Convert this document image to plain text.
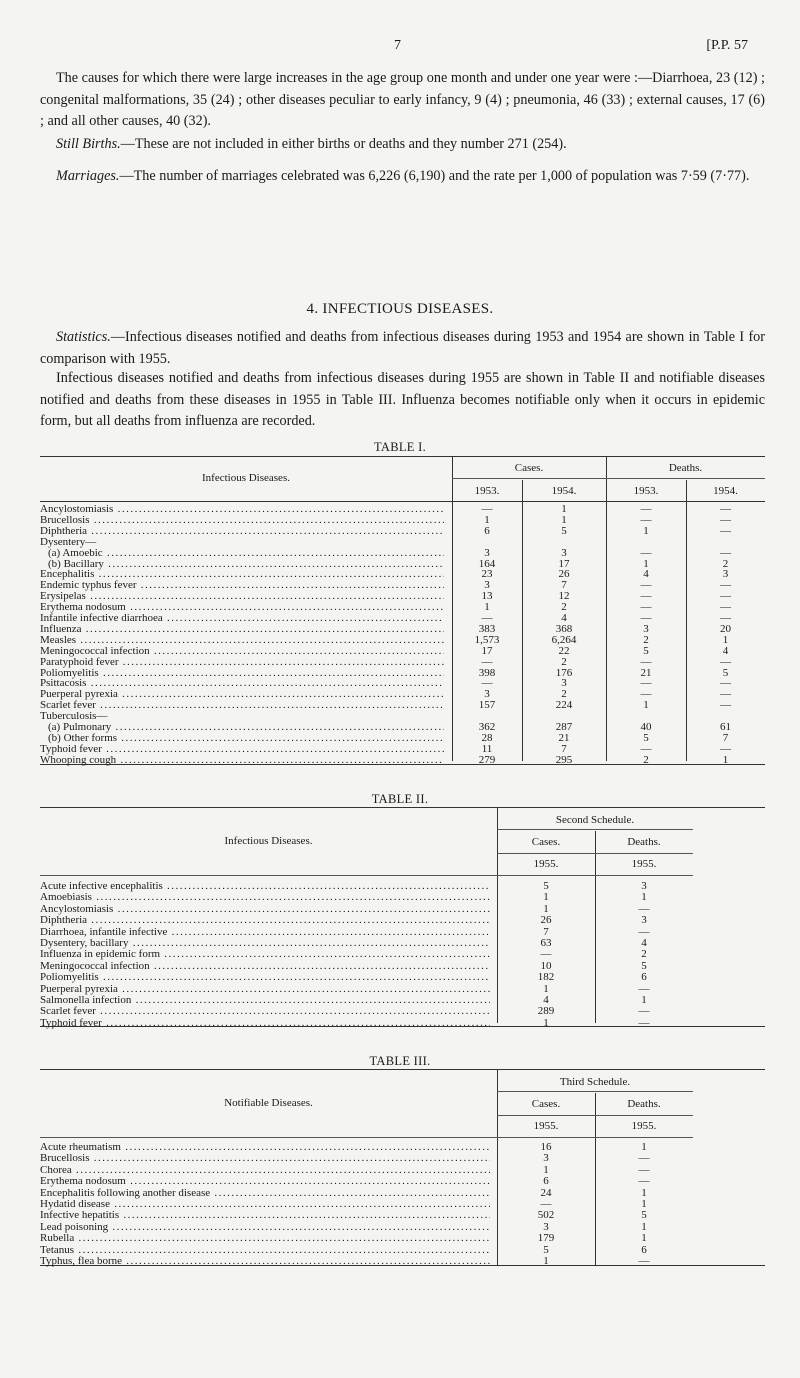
7	[P.P. 57
The causes for which there were large increases in the age group one month and under one year were :—Diarrhoea, 23 (12) ; congenital malformations, 35 (24) ; other diseases peculiar to early infancy, 9 (4) ; pneumonia, 46 (33) ; external causes, 17 (6) ; and all other causes, 40 (32).
Still Births.—These are not included in either births or deaths and they number 271 (254).
Marriages.—The number of marriages celebrated was 6,226 (6,190) and the rate per 1,000 of population was 7·59 (7·77).
4. INFECTIOUS DISEASES.
Statistics.—Infectious diseases notified and deaths from infectious diseases during 1953 and 1954 are shown in Table I for comparison with 1955.
Infectious diseases notified and deaths from infectious diseases during 1955 are shown in Table II and notifiable diseases notified and deaths from these diseases in 1955 in Table III. Influenza becomes notifiable only when it occurs in epidemic form, but all deaths from influenza are recorded.
TABLE I.
Infectious Diseases.
Cases.	Deaths.
1953.	1954.	1953.	1954.
Ancylostomiasis .....	—	1	—	—
Brucellosis .....	1	1	—	—
Diphtheria .....	6	5	1	—
Dysentery—
(a) Amoebic .....	3	3	—	—
(b) Bacillary .....	164	17	1	2
Encephalitis .....	23	26	4	3
Endemic typhus fever .....	3	7	—	—
Erysipelas .....	13	12	—	—
Erythema nodosum .....	1	2	—	—
Infantile infective diarrhoea .....	—	4	—	—
Influenza .....	383	368	3	20
Measles .....	1,573	6,264	2	1
Meningococcal infection .....	17	22	5	4
Paratyphoid fever .....	—	2	—	—
Poliomyelitis .....	398	176	21	5
Psittacosis .....	—	3	—	—
Puerperal pyrexia .....	3	2	—	—
Scarlet fever .....	157	224	1	—
Tuberculosis—
(a) Pulmonary .....	362	287	40	61
(b) Other forms .....	28	21	5	7
Typhoid fever .....	11	7	—	—
Whooping cough .....	279	295	2	1
TABLE II.
Infectious Diseases.
Second Schedule.
Cases.	Deaths.
1955.	1955.
Acute infective encephalitis .....	5	3
Amoebiasis .....	1	1
Ancylostomiasis .....	1	—
Diphtheria .....	26	3
Diarrhoea, infantile infective .....	7	—
Dysentery, bacillary .....	63	4
Influenza in epidemic form .....	—	2
Meningococcal infection .....	10	5
Poliomyelitis .....	182	6
Puerperal pyrexia .....	1	—
Salmonella infection .....	4	1
Scarlet fever .....	289	—
Typhoid fever .....	1	—
TABLE III.
Notifiable Diseases.
Third Schedule.
Cases.	Deaths.
1955.	1955.
Acute rheumatism .....	16	1
Brucellosis .....	3	—
Chorea .....	1	—
Erythema nodosum .....	6	—
Encephalitis following another disease .....	24	1
Hydatid disease .....	—	1
Infective hepatitis .....	502	5
Lead poisoning .....	3	1
Rubella .....	179	1
Tetanus .....	5	6
Typhus, flea borne .....	1	—
